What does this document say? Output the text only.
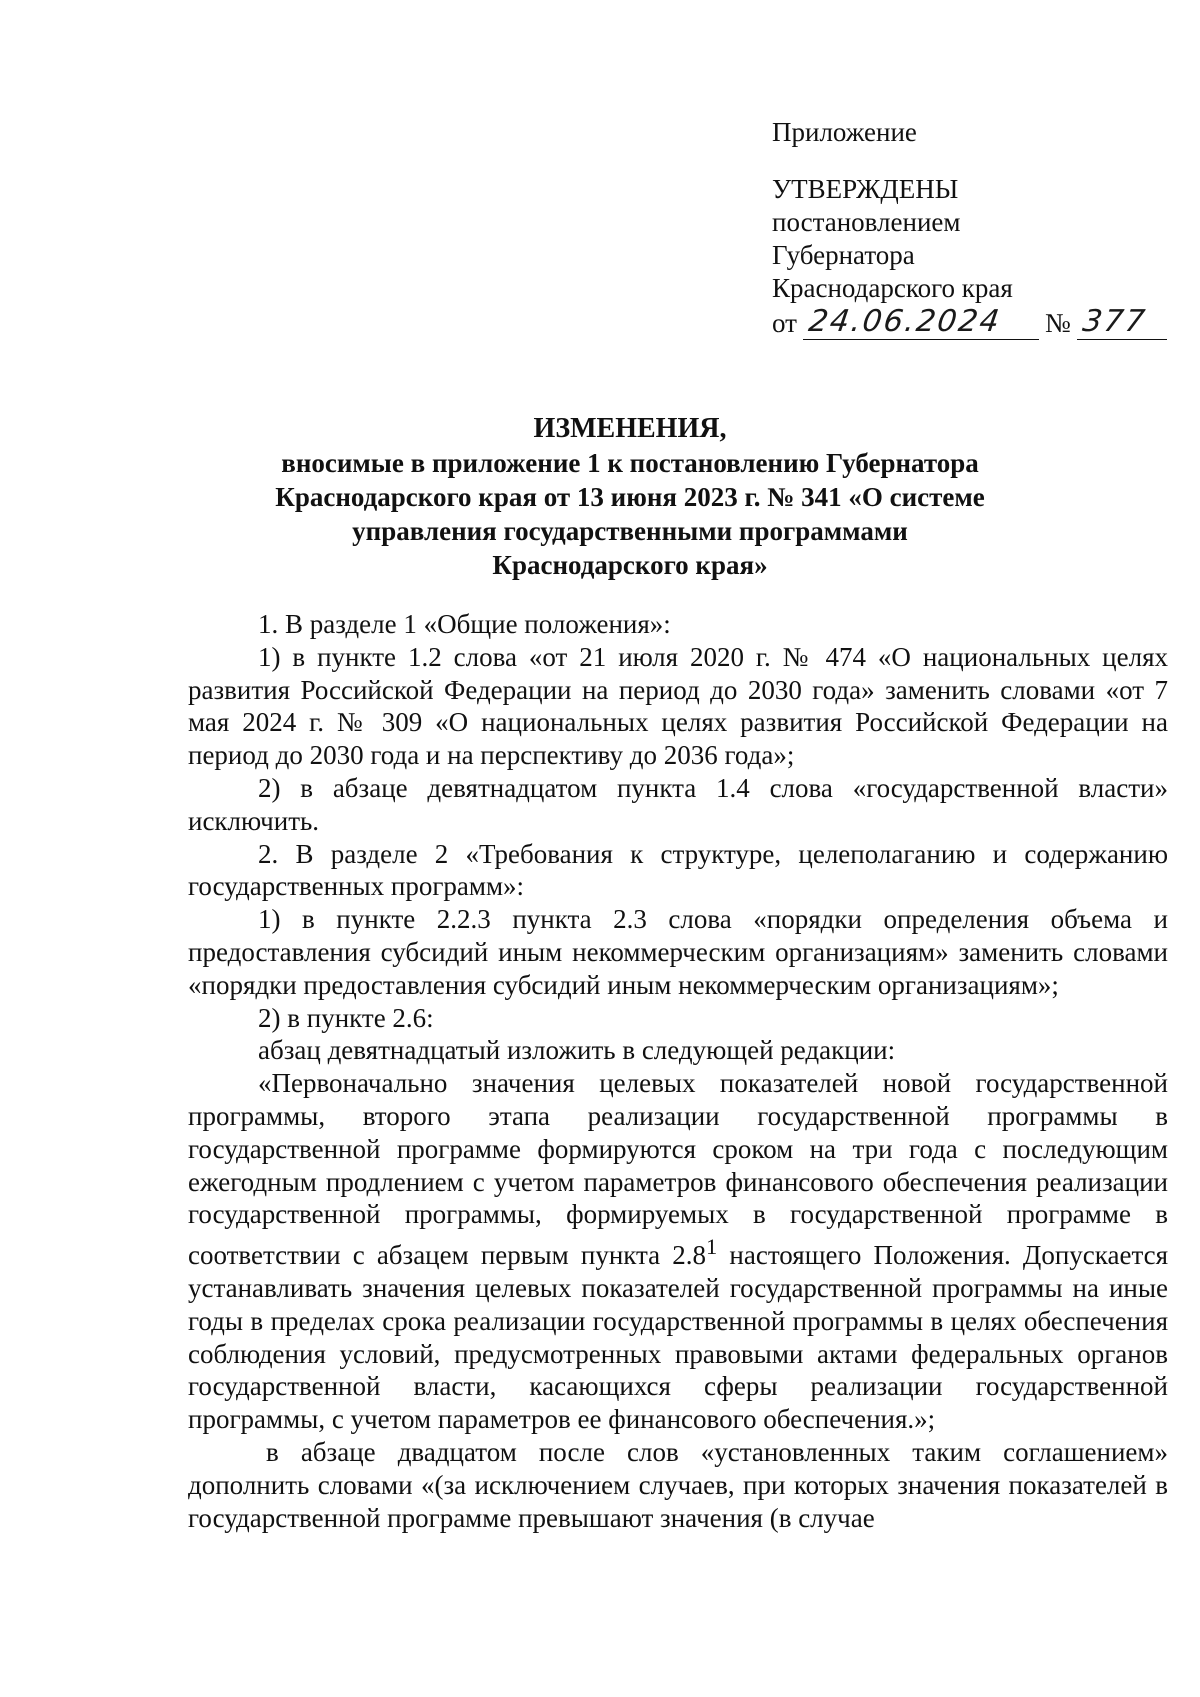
Приложение
УТВЕРЖДЕНЫ
постановлением
Губернатора
Краснодарского края
от 24.06.2024 № 377
ИЗМЕНЕНИЯ,
вносимые в приложение 1 к постановлению Губернатора
Краснодарского края от 13 июня 2023 г. № 341 «О системе
управления государственными программами
Краснодарского края»

1. В разделе 1 «Общие положения»:

1) в пункте 1.2 слова «от 21 июля 2020 г. № 474 «О национальных целях развития Российской Федерации на период до 2030 года» заменить словами «от 7 мая 2024 г. № 309 «О национальных целях развития Российской Федерации на период до 2030 года и на перспективу до 2036 года»;

2) в абзаце девятнадцатом пункта 1.4 слова «государственной власти» исключить.

2. В разделе 2 «Требования к структуре, целеполаганию и содержанию государственных программ»:

1) в пункте 2.2.3 пункта 2.3 слова «порядки определения объема и предоставления субсидий иным некоммерческим организациям» заменить словами «порядки предоставления субсидий иным некоммерческим организациям»;

2) в пункте 2.6:

абзац девятнадцатый изложить в следующей редакции:

«Первоначально значения целевых показателей новой государственной программы, второго этапа реализации государственной программы в государственной программе формируются сроком на три года с последующим ежегодным продлением с учетом параметров финансового обеспечения реализации государственной программы, формируемых в государственной программе в соответствии с абзацем первым пункта $2.8^1$ настоящего Положения. Допускается устанавливать значения целевых показателей государственной программы на иные годы в пределах срока реализации государственной программы в целях обеспечения соблюдения условий, предусмотренных правовыми актами федеральных органов государственной власти, касающихся сферы реализации государственной программы, с учетом параметров ее финансового обеспечения.»;

в абзаце двадцатом после слов «установленных таким соглашением» дополнить словами «(за исключением случаев, при которых значения показателей в государственной программе превышают значения (в случае
